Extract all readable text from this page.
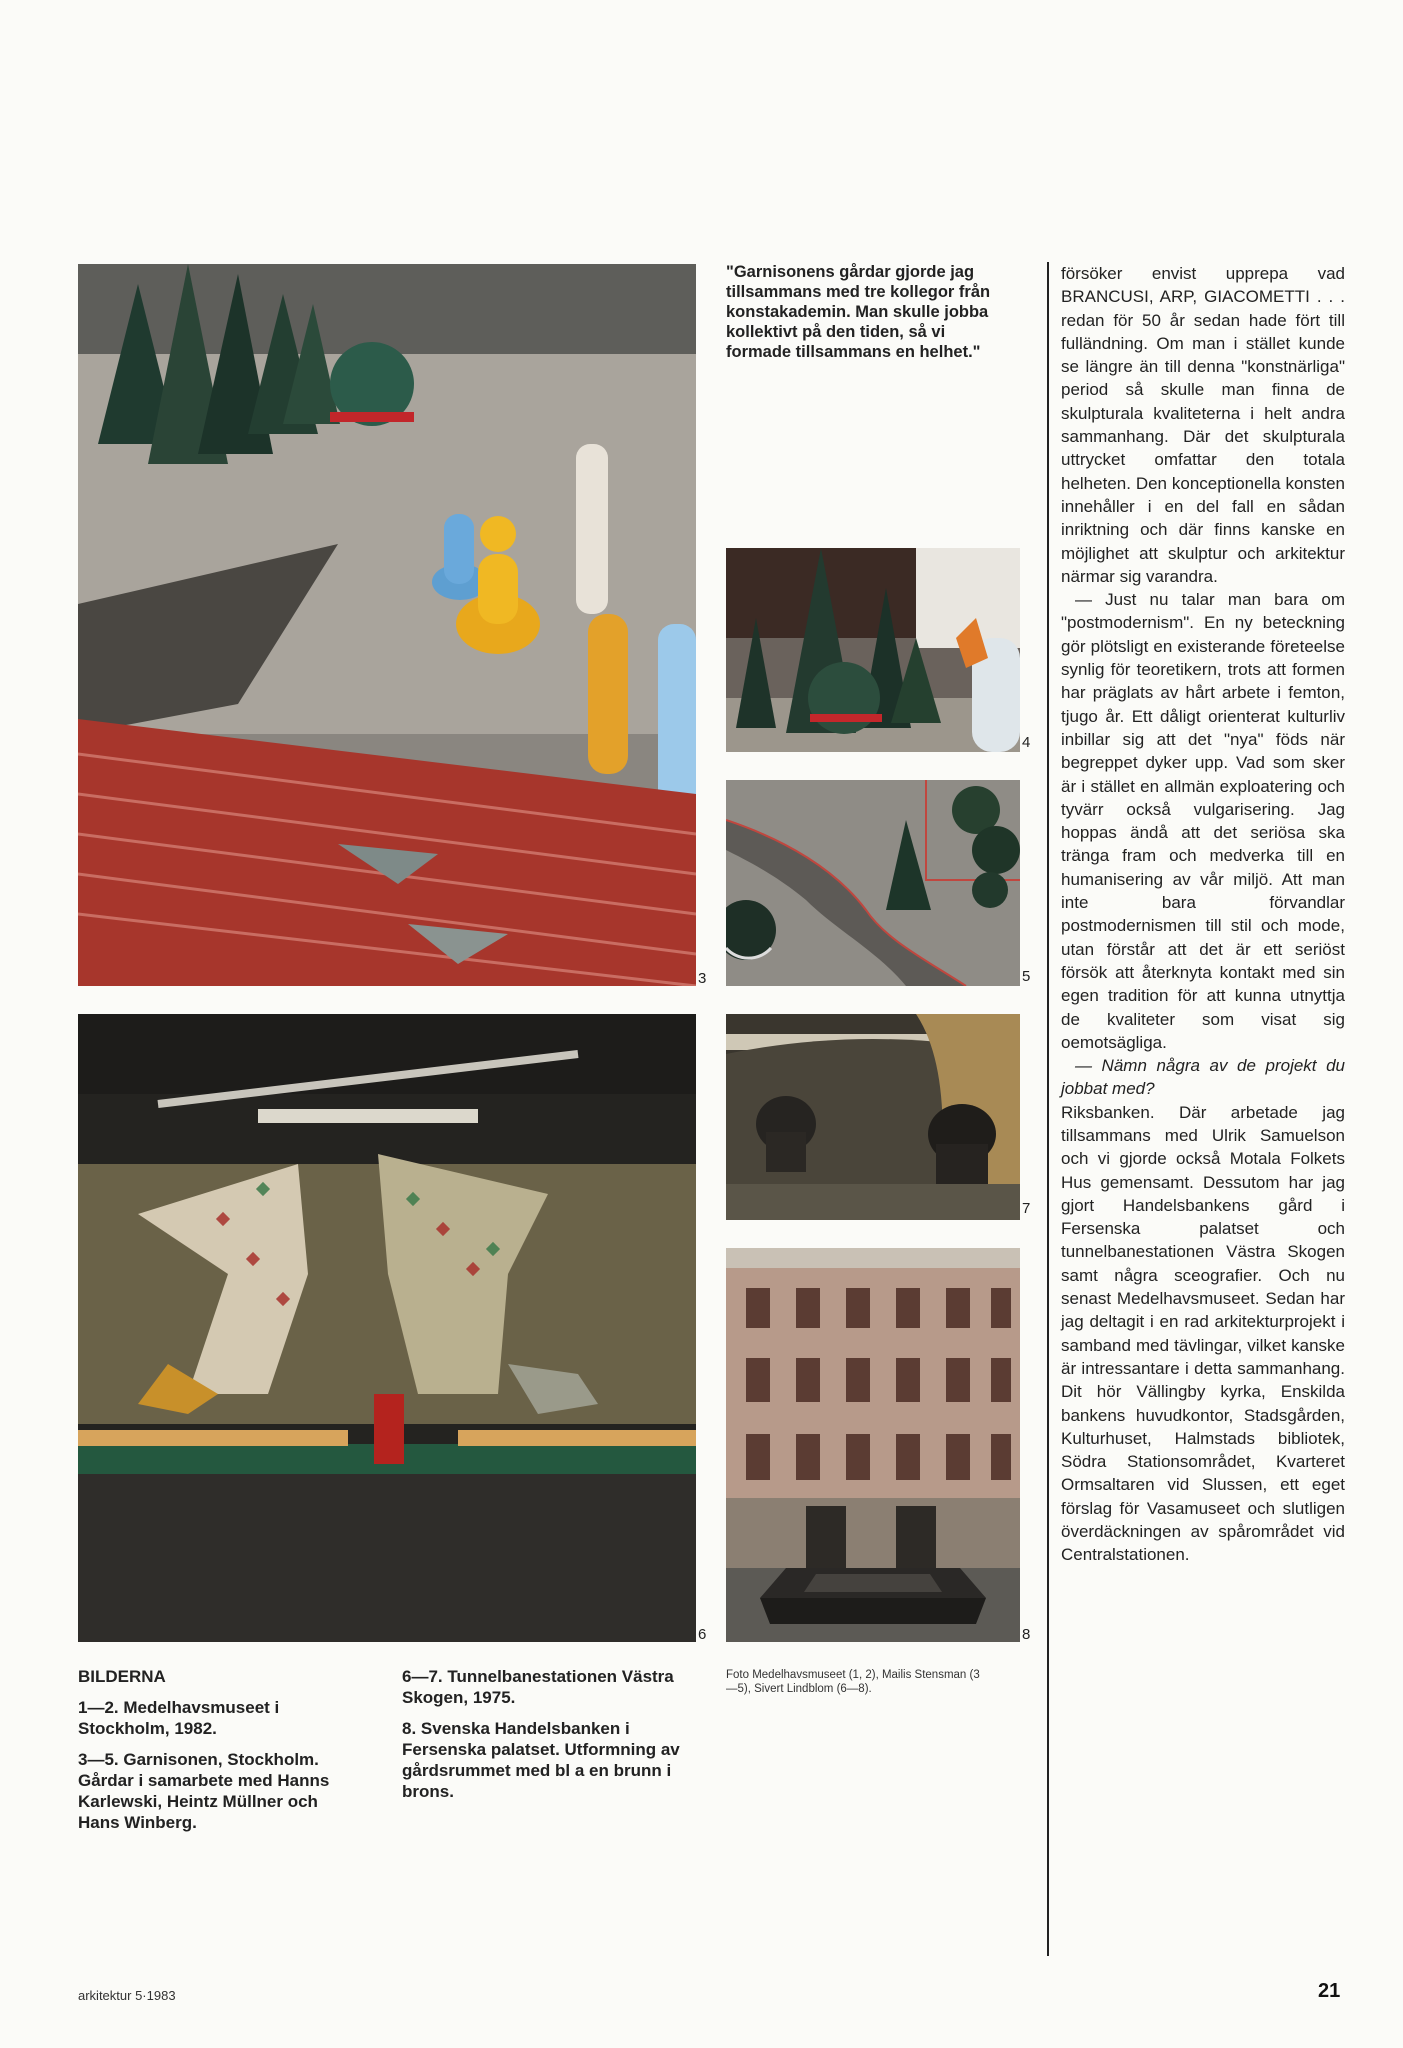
3
4
5
6
7
8
"Garnisonens gårdar gjorde jag tillsammans med tre kollegor från konstakademin. Man skulle jobba kollektivt på den tiden, så vi formade tillsammans en helhet."

försöker envist upprepa vad BRANCUSI, ARP, GIACOMETTI . . . redan för 50 år sedan hade fört till fulländning. Om man i stället kunde se längre än till denna "konstnärliga" period så skulle man finna de skulpturala kvaliteterna i helt andra sammanhang. Där det skulpturala uttrycket omfattar den totala helheten. Den konceptionella konsten innehåller i en del fall en sådan inriktning och där finns kanske en möjlighet att skulptur och arkitektur närmar sig varandra.

— Just nu talar man bara om "postmodernism". En ny beteckning gör plötsligt en existerande företeelse synlig för teoretikern, trots att formen har präglats av hårt arbete i femton, tjugo år. Ett dåligt orienterat kulturliv inbillar sig att det "nya" föds när begreppet dyker upp. Vad som sker är i stället en allmän exploatering och tyvärr också vulgarisering. Jag hoppas ändå att det seriösa ska tränga fram och medverka till en humanisering av vår miljö. Att man inte bara förvandlar postmodernismen till stil och mode, utan förstår att det är ett seriöst försök att återknyta kontakt med sin egen tradition för att kunna utnyttja de kvaliteter som visat sig oemotsägliga.

— Nämn några av de projekt du jobbat med?

Riksbanken. Där arbetade jag tillsammans med Ulrik Samuelson och vi gjorde också Motala Folkets Hus gemensamt. Dessutom har jag gjort Handelsbankens gård i Fersenska palatset och tunnelbanestationen Västra Skogen samt några sceografier. Och nu senast Medelhavsmuseet. Sedan har jag deltagit i en rad arkitekturprojekt i samband med tävlingar, vilket kanske är intressantare i detta sammanhang. Dit hör Vällingby kyrka, Enskilda bankens huvudkontor, Stadsgården, Kulturhuset, Halmstads bibliotek, Södra Stationsområdet, Kvarteret Ormsaltaren vid Slussen, ett eget förslag för Vasamuseet och slutligen överdäckningen av spårområdet vid Centralstationen.

BILDERNA

1—2. Medelhavsmuseet i Stockholm, 1982.

3—5. Garnisonen, Stockholm. Gårdar i samarbete med Hanns Karlewski, Heintz Müllner och Hans Winberg.

6—7. Tunnelbanestationen Västra Skogen, 1975.

8. Svenska Handelsbanken i Fersenska palatset. Utformning av gårdsrummet med bl a en brunn i brons.

Foto Medelhavsmuseet (1, 2), Mailis Stensman (3—5), Sivert Lindblom (6—8).
arkitektur 5·1983	21
